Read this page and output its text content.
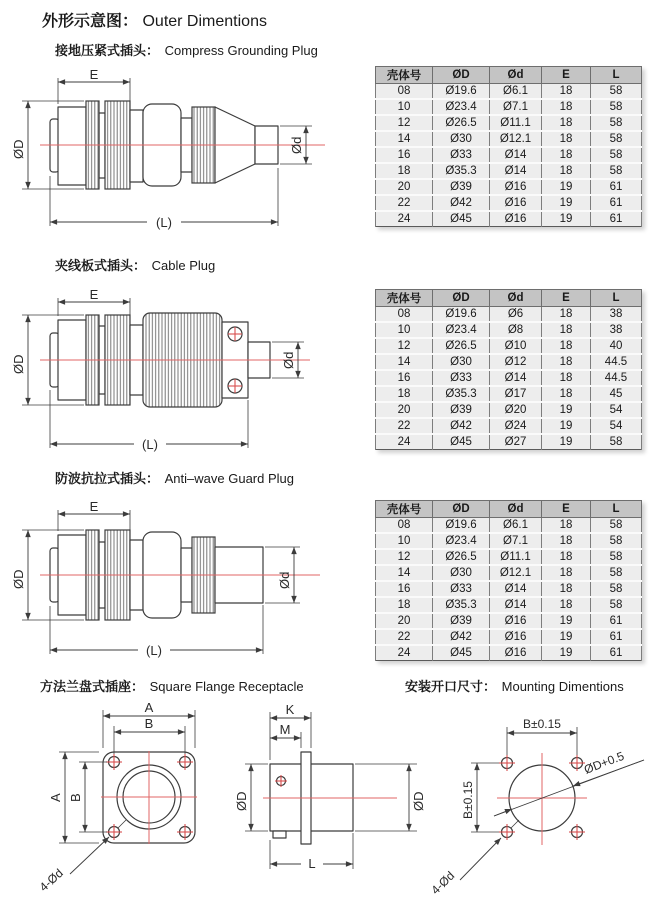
外形示意图： Outer Dimentions
接地压紧式插头： Compress Grounding Plug
E
ØD	Ød
(L)
壳体号	ØD	Ød	E	L
08	Ø19.6	Ø6.1	18	58
10	Ø23.4	Ø7.1	18	58
12	Ø26.5	Ø11.1	18	58
14	Ø30	Ø12.1	18	58
16	Ø33	Ø14	18	58
18	Ø35.3	Ø14	18	58
20	Ø39	Ø16	19	61
22	Ø42	Ø16	19	61
24	Ø45	Ø16	19	61
夹线板式插头： Cable Plug
E
ØD	Ød
(L)
壳体号	ØD	Ød	E	L
08	Ø19.6	Ø6	18	38
10	Ø23.4	Ø8	18	38
12	Ø26.5	Ø10	18	40
14	Ø30	Ø12	18	44.5
16	Ø33	Ø14	18	44.5
18	Ø35.3	Ø17	18	45
20	Ø39	Ø20	19	54
22	Ø42	Ø24	19	54
24	Ø45	Ø27	19	58
防波抗拉式插头： Anti–wave Guard Plug
E
ØD	Ød
(L)
壳体号	ØD	Ød	E	L
08	Ø19.6	Ø6.1	18	58
10	Ø23.4	Ø7.1	18	58
12	Ø26.5	Ø11.1	18	58
14	Ø30	Ø12.1	18	58
16	Ø33	Ø14	18	58
18	Ø35.3	Ø14	18	58
20	Ø39	Ø16	19	61
22	Ø42	Ø16	19	61
24	Ø45	Ø16	19	61
方法兰盘式插座： Square Flange Receptacle	安装开口尺寸： Mounting Dimentions
A
B
A B
4-Ød
K
M
ØD	ØD
L
B±0.15
B±0.15
ØD+0.5
4-Ød
